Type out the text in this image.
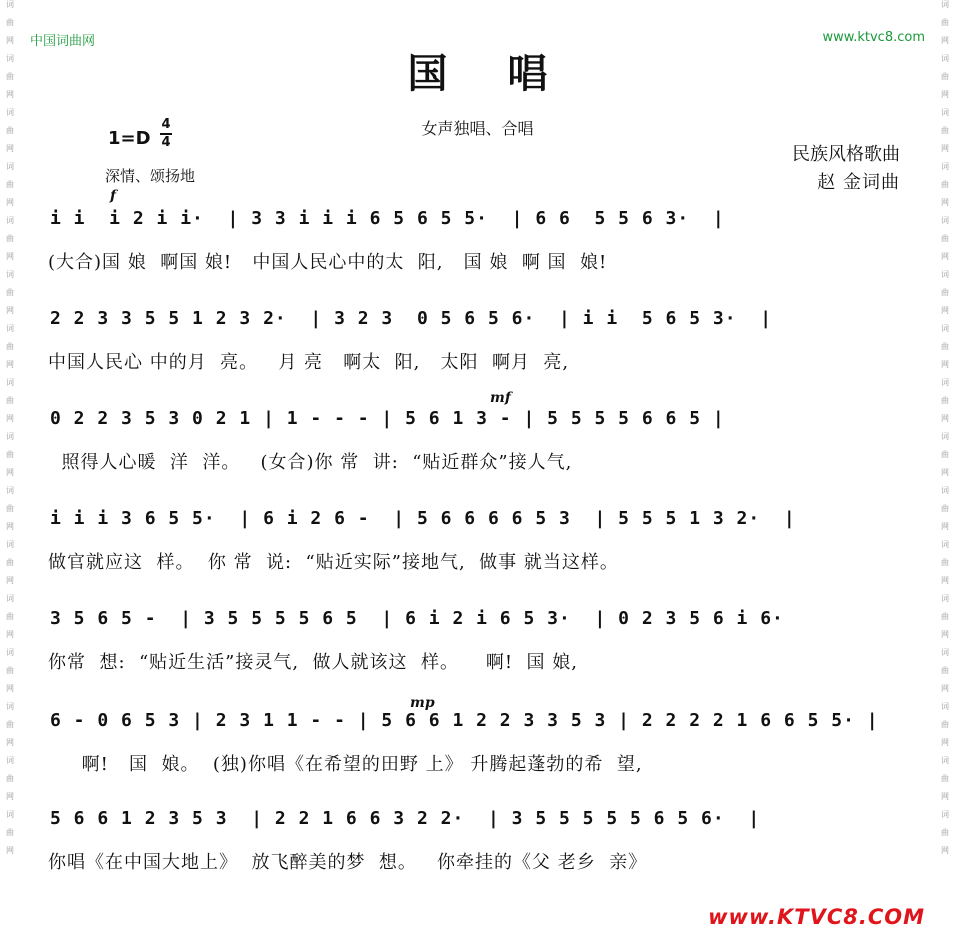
词
曲
网
词
曲
网
词
曲
网
词
曲
网
词
曲
网
词
曲
网
词
曲
网
词
曲
网
词
曲
网
词
曲
网
词
曲
网
词
曲
网
词
曲
网
词
曲
网
词
曲
网
词
曲
网
词
曲
网
词
曲
网
词
曲
网
词
曲
网
词
曲
网
词
曲
网
词
曲
网
词
曲
网
词
曲
网
词
曲
网
词
曲
网
词
曲
网
词
曲
网
词
曲
网
词
曲
网
词
曲
网
中国词曲网	www.ktvc8.com
国唱
1=D
4
4
女声独唱、合唱
深情、颂扬地
民族风格歌曲
赵 金词曲
f
mf
mp
i i  i 2 i i·  | 3 3 i i i 6 5 6 5 5·  | 6 6  5 5 6 3·  |
(大合)国 娘  啊国 娘!   中国人民心中的太  阳,   国 娘  啊 国  娘!
2 2 3 3 5 5 1 2 3 2·  | 3 2 3  0 5 6 5 6·  | i i  5 6 5 3·  |
中国人民心 中的月  亮。   月 亮   啊太  阳,   太阳  啊月  亮,
0 2 2 3 5 3 0 2 1 | 1 - - - | 5 6 1 3 - | 5 5 5 5 6 6 5 |
照得人心暖  洋  洋。   (女合)你 常  讲:  “贴近群众”接人气,
i i i 3 6 5 5·  | 6 i 2 6 -  | 5 6 6 6 6 5 3  | 5 5 5 1 3 2·  |
做官就应这  样。  你 常  说:  “贴近实际”接地气,  做事 就当这样。
3 5 6 5 -  | 3 5 5 5 5 6 5  | 6 i 2 i 6 5 3·  | 0 2 3 5 6 i 6·
你常  想:  “贴近生活”接灵气,  做人就该这  样。    啊!  国 娘,
6 - 0 6 5 3 | 2 3 1 1 - - | 5 6 6 1 2 2 3 3 5 3 | 2 2 2 2 1 6 6 5 5· |
啊!   国  娘。  (独)你唱《在希望的田野 上》 升腾起蓬勃的希  望,
5 6 6 1 2 3 5 3  | 2 2 1 6 6 3 2 2·  | 3 5 5 5 5 5 6 5 6·  |
你唱《在中国大地上》  放飞醉美的梦  想。   你牵挂的《父 老乡  亲》
www.KTVC8.COM
